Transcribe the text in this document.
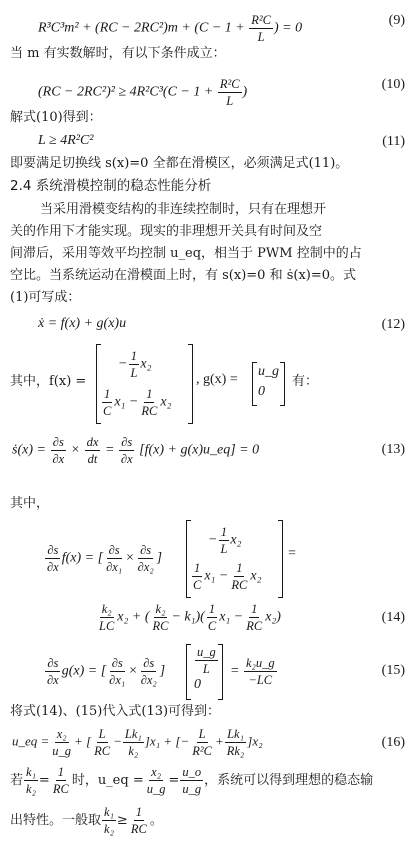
$R^3C^3m^2 + (RC - 2RC^2)m + (C - 1 + \frac{\text{R²C}}{L}$ ) = 0
(9)
当 m 有实数解时，有以下条件成立：
$(RC - 2RC^2)^2 \ge 4R^2C^3(C - 1 + \frac{\text{R²C}}{L}$ )
(10)
解式(10)得到：
L ≥ 4R²C²	(11)
即要满足切换线 s(x)=0 全都在滑模区，必须满足式(11)。
2.4 系统滑模控制的稳态性能分析
当采用滑模变结构的非连续控制时，只有在理想开
关的作用下才能实现。现实的非理想开关具有时间及空
间滞后，采用等效平均控制 u_eq，相当于 PWM 控制中的占
空比。当系统运动在滑模面上时，有 s(x)=0 和 ṡ(x)=0。式
(1)可写成：
ẋ = f(x) + g(x)u	(12)
其中，f(x) =
− $\frac{1}{L} x_2$
$\frac{1}{C} x_1 - \frac{1}{RC} x_2$
, g(x) =
u_g
0
有：
ṡ(x) = $\frac{\partial s}{\partial x} \times \frac{dx}{dt} = \frac{\partial s}{\partial x} [f(x)$ + g(x)u_eq] = 0	(13)
其中，
$\frac{\partial s}{\partial x} f(x)$ = [ $\frac{\partial s}{\text{∂x₁}} \times \frac{\partial s}{\text{∂x₂}}$ ]
− $\frac{1}{L} x_2$
$\frac{1}{C} x_1 - \frac{1}{RC} x_2$
=
$\frac{\text{k₂}}{LC} x_2$ + ( $\frac{\text{k₂}}{RC} - k_1)( \frac{1}{C} x_1 - \frac{1}{RC} x_2)$	(14)
$\frac{\partial s}{\partial x} g(x)$ = [ $\frac{\partial s}{\text{∂x₁}} \times \frac{\partial s}{\text{∂x₂}}$ ] $\frac{u\_g}{L}$
0
= $\frac{\text{k₂u\_g}}{-LC}$	(15)
将式(14)、(15)代入式(13)可得到：
u_eq = $\frac{\text{x₂}}{u\_g}$ + [ $\frac{L}{RC} - \frac{\text{Lk₁}}{\text{k₂}} ]x_1$ + [− $\frac{L}{\text{R²C}} + \frac{\text{Lk₁}}{\text{Rk₂}} ]x_2$	(16)
若 $\frac{\text{k₁}}{\text{k₂}} = \frac{1}{RC}$ 时，u_eq = $\frac{\text{x₂}}{u\_g} = \frac{u\_o}{u\_g}$ ，系统可以得到理想的稳态输
出特性。一般取 $\frac{\text{k₁}}{\text{k₂}} \ge \frac{1}{RC}$ 。
